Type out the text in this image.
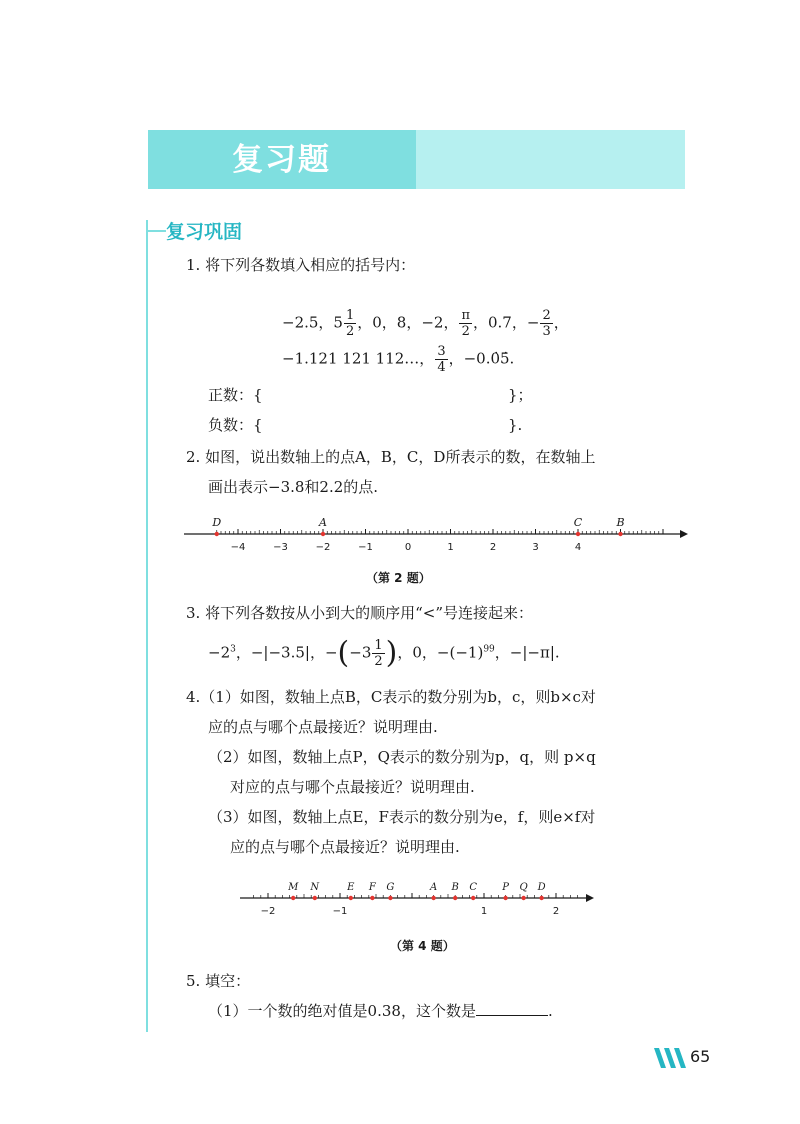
复习题
复习巩固
1. 将下列各数填入相应的括号内：
−2.5，$5 \frac{1}{2}$ ，0，8，−2， $\frac{\pi}{2}$ ，0.7，− $\frac{2}{3}$ ，
−1.121 121 112…， $\frac{3}{4}$ ，−0.0̇5̇.
正数：{	}；
负数：{	}.
2. 如图，说出数轴上的点A，B，C，D所表示的数，在数轴上
画出表示−3.8和2.2的点.
−4	−3	−2	−1	0	1	2	3	4
D	A	C	B
（第 2 题）
3. 将下列各数按从小到大的顺序用“<”号连接起来：
$-2^3$，−|−3.5|，$-(-3 \frac{1}{2}$ )，0，$-(-1)^{99}$，−|−π|.
4.（1）如图，数轴上点B，C表示的数分别为b，c，则b×c对
应的点与哪个点最接近？说明理由.
（2）如图，数轴上点P，Q表示的数分别为p，q，则 p×q
对应的点与哪个点最接近？说明理由.
（3）如图，数轴上点E，F表示的数分别为e，f，则e×f对
应的点与哪个点最接近？说明理由.
−2	−1	1	2
M N	E F G	A B C	P Q D
（第 4 题）
5. 填空：
（1）一个数的绝对值是0.38，这个数是	.
65
